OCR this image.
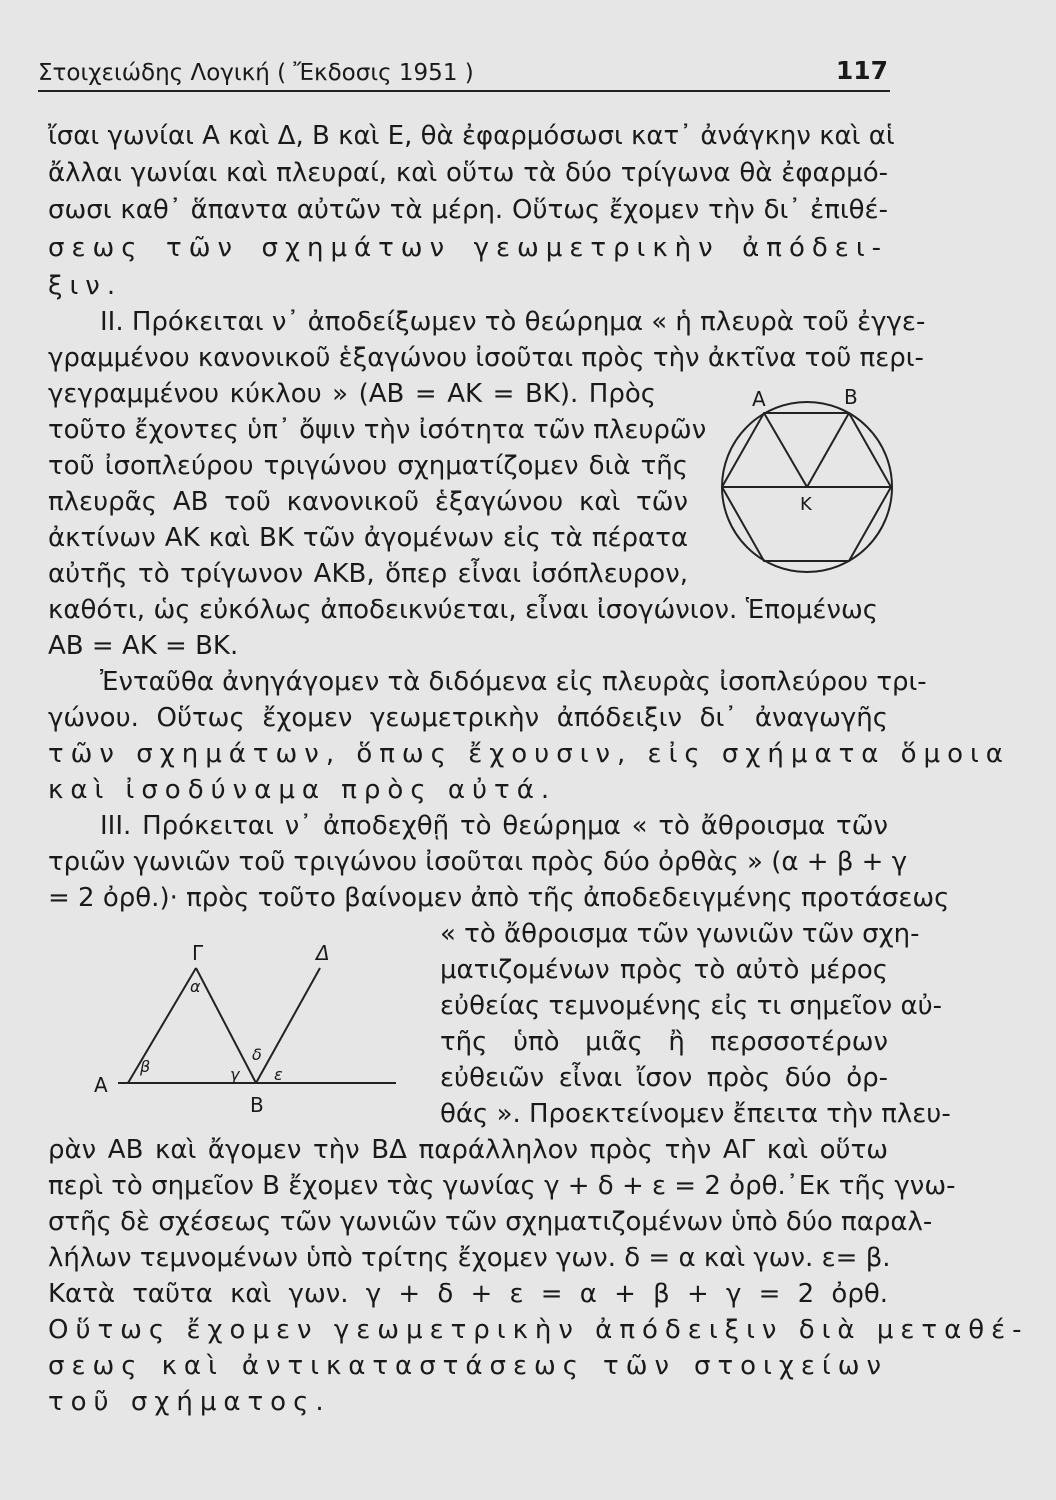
Στοιχειώδης Λογική ( Ἔκδοσις 1951 )	117
ἴσαι γωνίαι Α καὶ Δ, Β καὶ Ε, θὰ ἐφαρμόσωσι κατ᾽ ἀνάγκην καὶ αἱ
ἄλλαι γωνίαι καὶ πλευραί, καὶ οὕτω τὰ δύο τρίγωνα θὰ ἐφαρμό-
σωσι καθ᾽ ἅπαντα αὐτῶν τὰ μέρη. Οὕτως ἔχομεν τὴν δι᾽ ἐπιθέ-
σεως τῶν σχημάτων γεωμετρικὴν ἀπόδει-
ξιν.
II. Πρόκειται ν᾽ ἀποδείξωμεν τὸ θεώρημα « ἡ πλευρὰ τοῦ ἐγγε-
γραμμένου κανονικοῦ ἑξαγώνου ἰσοῦται πρὸς τὴν ἀκτῖνα τοῦ περι-
γεγραμμένου κύκλου » (ΑΒ = ΑΚ = ΒΚ). Πρὸς
τοῦτο ἔχοντες ὑπ᾽ ὄψιν τὴν ἰσότητα τῶν πλευρῶν
τοῦ ἰσοπλεύρου τριγώνου σχηματίζομεν διὰ τῆς
πλευρᾶς ΑΒ τοῦ κανονικοῦ ἑξαγώνου καὶ τῶν
ἀκτίνων ΑΚ καὶ ΒΚ τῶν ἀγομένων εἰς τὰ πέρατα
αὐτῆς τὸ τρίγωνον ΑΚΒ, ὅπερ εἶναι ἰσόπλευρον,
καθότι, ὡς εὐκόλως ἀποδεικνύεται, εἶναι ἰσογώνιον. Ἑπομένως
ΑΒ = ΑΚ = ΒΚ.
Ἐνταῦθα ἀνηγάγομεν τὰ διδόμενα εἰς πλευρὰς ἰσοπλεύρου τρι-
γώνου. Οὕτως ἔχομεν γεωμετρικὴν ἀπόδειξιν δι᾽ ἀναγωγῆς
τῶν σχημάτων, ὅπως ἔχουσιν, εἰς σχήματα ὅμοια
καὶ ἰσοδύναμα πρὸς αὐτά.
III. Πρόκειται ν᾽ ἀποδεχθῇ τὸ θεώρημα « τὸ ἄθροισμα τῶν
τριῶν γωνιῶν τοῦ τριγώνου ἰσοῦται πρὸς δύο ὀρθὰς » (α + β + γ
= 2 ὀρθ.)· πρὸς τοῦτο βαίνομεν ἀπὸ τῆς ἀποδεδειγμένης προτάσεως
« τὸ ἄθροισμα τῶν γωνιῶν τῶν σχη-
ματιζομένων πρὸς τὸ αὐτὸ μέρος
εὐθείας τεμνομένης εἰς τι σημεῖον αὐ-
τῆς ὑπὸ μιᾶς ἢ περσσοτέρων
εὐθειῶν εἶναι ἴσον πρὸς δύο ὀρ-
θάς ». Προεκτείνομεν ἔπειτα τὴν πλευ-
ρὰν ΑΒ καὶ ἄγομεν τὴν ΒΔ παράλληλον πρὸς τὴν ΑΓ καὶ οὕτω
περὶ τὸ σημεῖον Β ἔχομεν τὰς γωνίας γ + δ + ε = 2 ὀρθ.᾽Εκ τῆς γνω-
στῆς δὲ σχέσεως τῶν γωνιῶν τῶν σχηματιζομένων ὑπὸ δύο παραλ-
λήλων τεμνομένων ὑπὸ τρίτης ἔχομεν γων. δ = α καὶ γων. ε= β.
Κατὰ ταῦτα καὶ γων. γ + δ + ε = α + β + γ = 2 ὀρθ.
Οὕτως ἔχομεν γεωμετρικὴν ἀπόδειξιν διὰ μεταθέ-
σεως καὶ ἀντικαταστάσεως τῶν στοιχείων
τοῦ σχήματος.
Α	Β
Κ
Γ	Δ
Α
Β
α
β	γ
δ
ε
